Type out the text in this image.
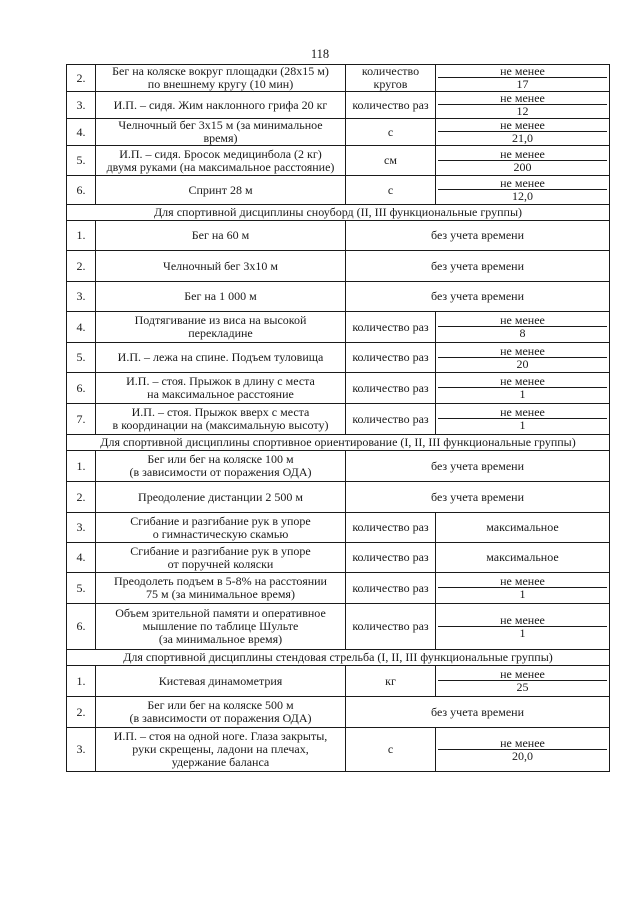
118
2.	Бег на коляске вокруг площадки (28х15 м)
по внешнему кругу (10 мин)	количество
кругов	не менее
17

3.	И.П. – сидя. Жим наклонного грифа 20 кг	количество раз	не менее
12

4.	Челночный бег 3х15 м (за минимальное
время)	с	не менее
21,0

5.	И.П. – сидя. Бросок медицинбола (2 кг)
двумя руками (на максимальное расстояние)	см	не менее
200

6.	Спринт 28 м	с	не менее
12,0

Для спортивной дисциплины сноуборд (II, III функциональные группы)			
1.	Бег на 60 м	без учета времени	
2.	Челночный бег 3х10 м	без учета времени	
3.	Бег на 1 000 м	без учета времени	
4.	Подтягивание из виса на высокой
перекладине	количество раз	не менее
8

5.	И.П. – лежа на спине. Подъем туловища	количество раз	не менее
20

6.	И.П. – стоя. Прыжок в длину с места
на максимальное расстояние	количество раз	не менее
1

7.	И.П. – стоя. Прыжок вверх с места
в координации на (максимальную высоту)	количество раз	не менее
1

Для спортивной дисциплины спортивное ориентирование (I, II, III функциональные группы)			
1.	Бег или бег на коляске 100 м
(в зависимости от поражения ОДА)	без учета времени	
2.	Преодоление дистанции 2 500 м	без учета времени	
3.	Сгибание и разгибание рук в упоре
о гимнастическую скамью	количество раз	максимальное
4.	Сгибание и разгибание рук в упоре
от поручней коляски	количество раз	максимальное
5.	Преодолеть подъем в 5-8% на расстоянии
75 м (за минимальное время)	количество раз	не менее
1

6.	Объем зрительной памяти и оперативное
мышление по таблице Шульте
(за минимальное время)	количество раз	не менее
1

Для спортивной дисциплины стендовая стрельба (I, II, III функциональные группы)			
1.	Кистевая динамометрия	кг	не менее
25

2.	Бег или бег на коляске 500 м
(в зависимости от поражения ОДА)	без учета времени	
3.	И.П. – стоя на одной ноге. Глаза закрыты,
руки скрещены, ладони на плечах,
удержание баланса	с	не менее
20,0
